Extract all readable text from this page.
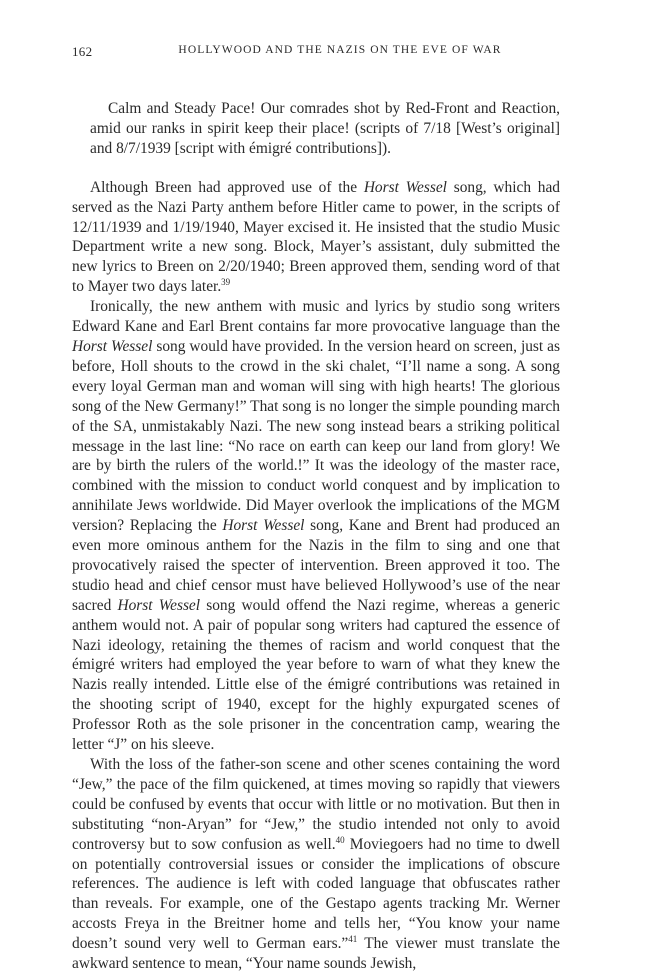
162	HOLLYWOOD AND THE NAZIS ON THE EVE OF WAR

Calm and Steady Pace! Our comrades shot by Red-Front and Reaction, amid our ranks in spirit keep their place! (scripts of 7/18 [West’s original] and 8/7/1939 [script with émigré contributions]).

Although Breen had approved use of the Horst Wessel song, which had served as the Nazi Party anthem before Hitler came to power, in the scripts of 12/11/1939 and 1/19/1940, Mayer excised it. He insisted that the studio Music Department write a new song. Block, Mayer’s assistant, duly submitted the new lyrics to Breen on 2/20/1940; Breen approved them, sending word of that to Mayer two days later.$^{39}$

Ironically, the new anthem with music and lyrics by studio song writers Edward Kane and Earl Brent contains far more provocative language than the Horst Wessel song would have provided. In the version heard on screen, just as before, Holl shouts to the crowd in the ski chalet, “I’ll name a song. A song every loyal German man and woman will sing with high hearts! The glorious song of the New Germany!” That song is no longer the simple pounding march of the SA, unmistakably Nazi. The new song instead bears a striking political message in the last line: “No race on earth can keep our land from glory! We are by birth the rulers of the world.!” It was the ideology of the master race, combined with the mission to conduct world conquest and by implication to annihilate Jews worldwide. Did Mayer overlook the implications of the MGM version? Replacing the Horst Wessel song, Kane and Brent had produced an even more ominous anthem for the Nazis in the film to sing and one that provocatively raised the specter of intervention. Breen approved it too. The studio head and chief censor must have believed Hollywood’s use of the near sacred Horst Wessel song would offend the Nazi regime, whereas a generic anthem would not. A pair of popular song writers had captured the essence of Nazi ideology, retaining the themes of racism and world conquest that the émigré writers had employed the year before to warn of what they knew the Nazis really intended. Little else of the émigré contributions was retained in the shooting script of 1940, except for the highly expurgated scenes of Professor Roth as the sole prisoner in the concentration camp, wearing the letter “J” on his sleeve.

With the loss of the father-son scene and other scenes containing the word “Jew,” the pace of the film quickened, at times moving so rapidly that viewers could be confused by events that occur with little or no motivation. But then in substituting “non-Aryan” for “Jew,” the studio intended not only to avoid controversy but to sow confusion as well.$^{40}$ Moviegoers had no time to dwell on potentially controversial issues or consider the implications of obscure references. The audience is left with coded language that obfuscates rather than reveals. For example, one of the Gestapo agents tracking Mr. Werner accosts Freya in the Breitner home and tells her, “You know your name doesn’t sound very well to German ears.”$^{41}$ The viewer must translate the awkward sentence to mean, “Your name sounds Jewish,
